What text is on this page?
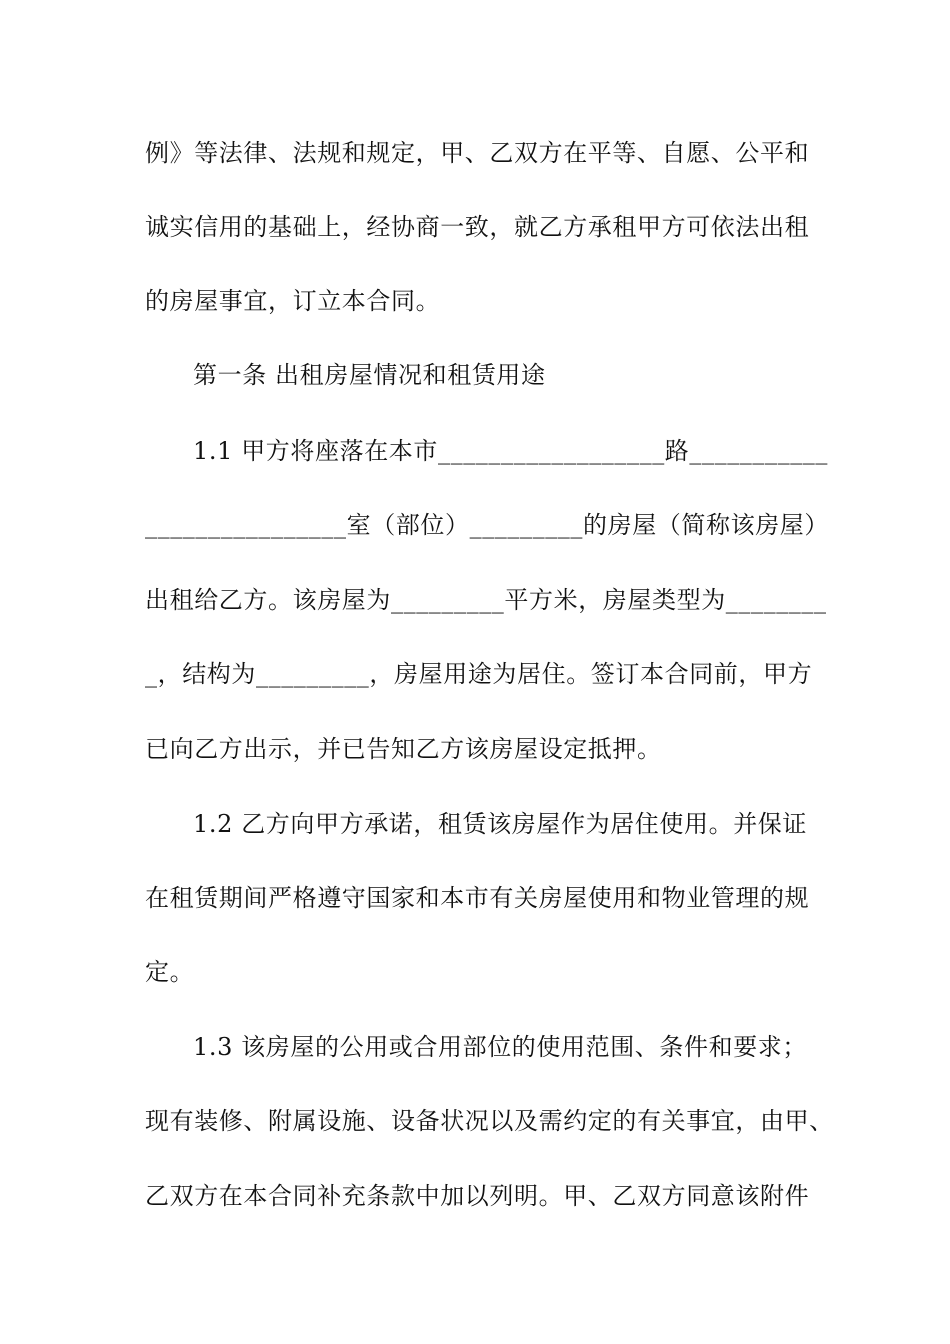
例》等法律、法规和规定，甲、乙双方在平等、自愿、公平和
诚实信用的基础上，经协商一致，就乙方承租甲方可依法出租
的房屋事宜，订立本合同。
第一条 出租房屋情况和租赁用途
1.1 甲方将座落在本市__________________路___________
________________室（部位）_________的房屋（简称该房屋）
出租给乙方。该房屋为_________平方米，房屋类型为________
_，结构为_________，房屋用途为居住。签订本合同前，甲方
已向乙方出示，并已告知乙方该房屋设定抵押。
1.2 乙方向甲方承诺，租赁该房屋作为居住使用。并保证
在租赁期间严格遵守国家和本市有关房屋使用和物业管理的规
定。
1.3 该房屋的公用或合用部位的使用范围、条件和要求；
现有装修、附属设施、设备状况以及需约定的有关事宜，由甲、
乙双方在本合同补充条款中加以列明。甲、乙双方同意该附件
